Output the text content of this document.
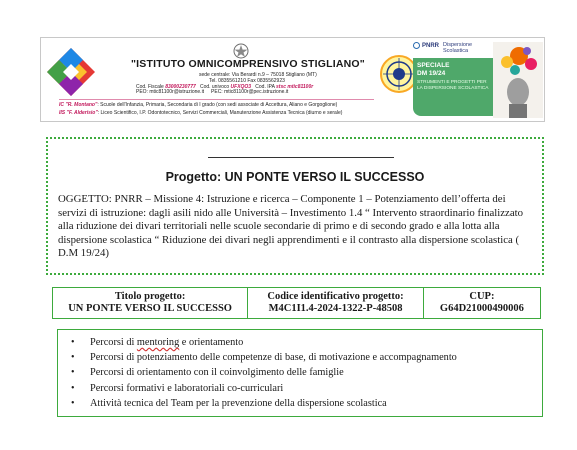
"ISTITUTO OMNICOMPRENSIVO STIGLIANO"
sede centrale: Via Berardi n.9 – 75018 Stigliano (MT)
Tel. 0835561210 Fax 0835562923
Cod. Fiscale 83000230777 Cod. univoco UFXQO3 Cod. IPA stsc mtic81100r
PEO: mtic81100r@istruzione.it PEC: mtic81100r@pec.istruzione.it
IC "R. Montano": Scuole dell'Infanzia, Primaria, Secondaria di I grado (con sedi associate di Accettura, Aliano e Gorgoglione)
IIS "F. Alderisio": Liceo Scientifico, I.P. Odontotecnico, Servizi Commerciali, Manutenzione Assistenza Tecnica (diurno e serale)
PNRR Dispersione
Scolastica
SPECIALE
DM 19/24
STRUMENTI E PROGETTI PER LA DISPERSIONE SCOLASTICA
Progetto: UN PONTE VERSO IL SUCCESSO
OGGETTO: PNRR – Missione 4: Istruzione e ricerca – Componente 1 – Potenziamento dell’offerta dei servizi di istruzione: dagli asili nido alle Università – Investimento 1.4 “ Intervento straordinario finalizzato alla riduzione dei divari territoriali nelle scuole secondarie di primo e di secondo grado e alla lotta alla dispersione scolastica “ Riduzione dei divari negli apprendimenti e il contrasto alla dispersione scolastica ( D.M 19/24)
Titolo progetto:
UN PONTE VERSO IL SUCCESSO

Codice identificativo progetto:
M4C1I1.4-2024-1322-P-48508

CUP:
G64D21000490006
• Percorsi di mentoring e orientamento
• Percorsi di potenziamento delle competenze di base, di motivazione e accompagnamento
• Percorsi di orientamento con il coinvolgimento delle famiglie
• Percorsi formativi e laboratoriali co-curriculari
• Attività tecnica del Team per la prevenzione della dispersione scolastica
